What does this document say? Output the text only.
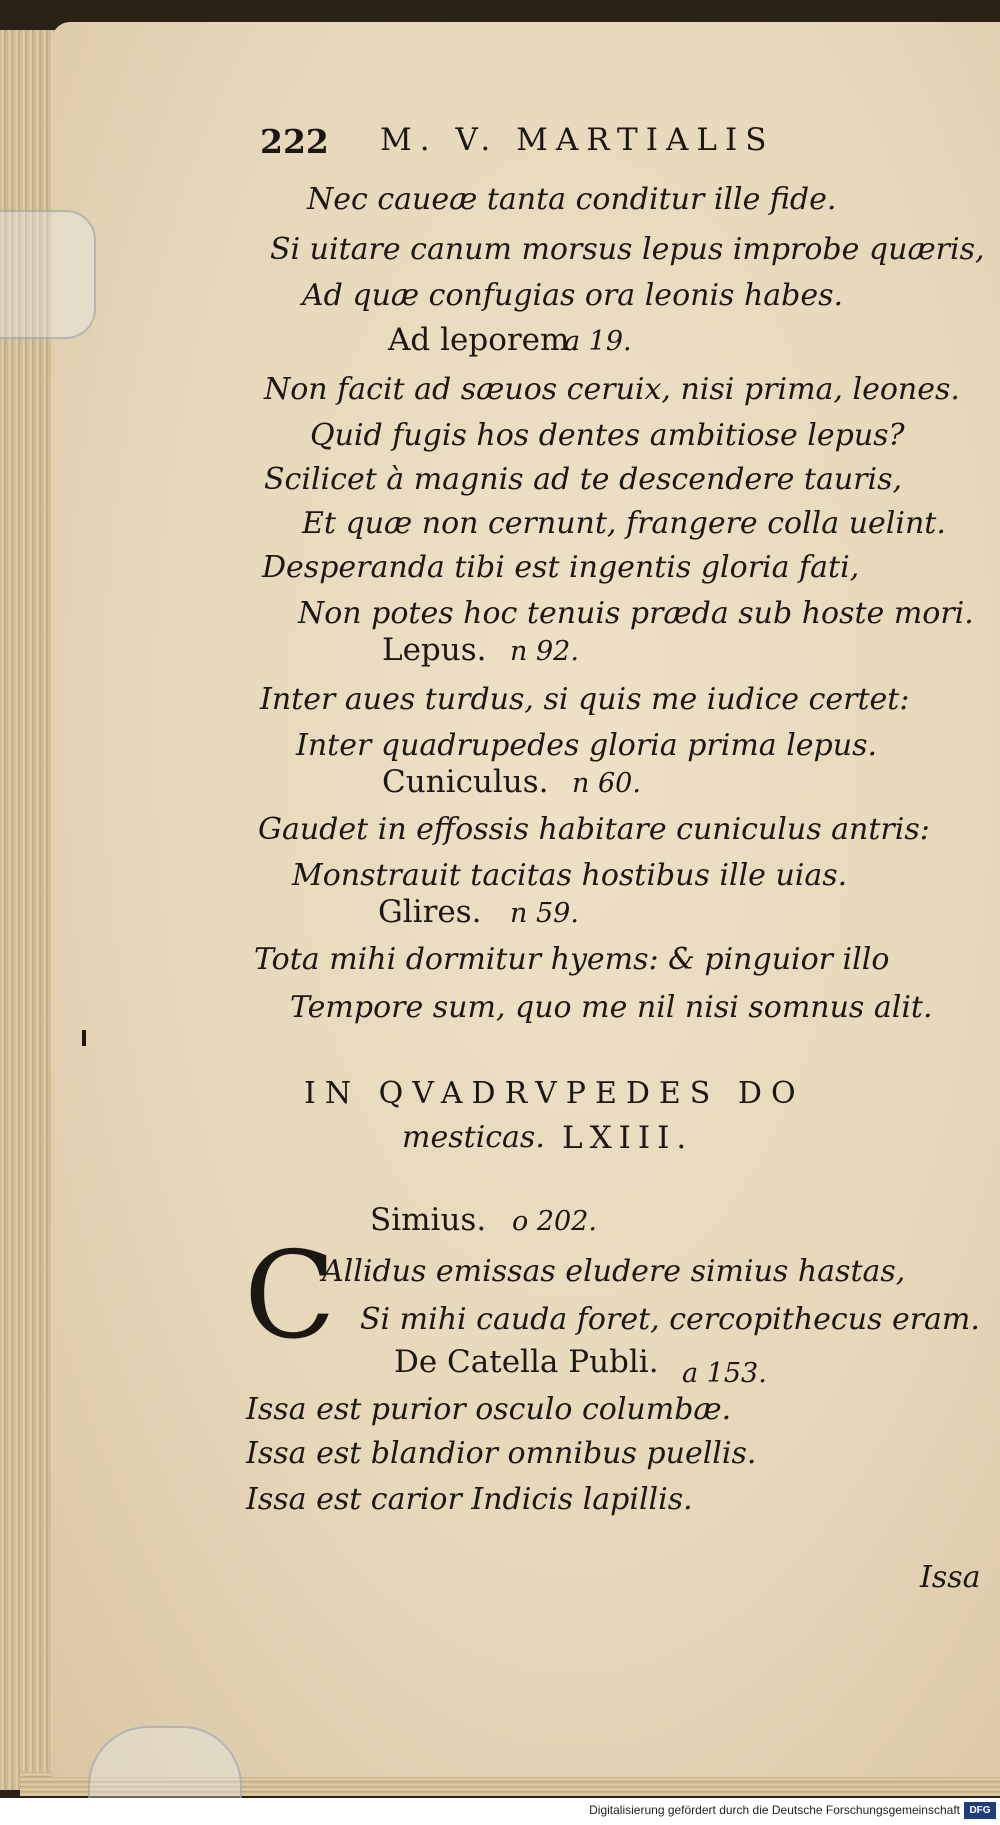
222 M. V. MARTIALIS
Nec caueæ tanta conditur ille fide.
Si uitare canum morsus lepus improbe quæris,
Ad quæ confugias ora leonis habes.
Ad leporem.
a 19.
Non facit ad sæuos ceruix, nisi prima, leones.
Quid fugis hos dentes ambitiose lepus?
Scilicet à magnis ad te descendere tauris,
Et quæ non cernunt, frangere colla uelint.
Desperanda tibi est ingentis gloria fati,
Non potes hoc tenuis præda sub hoste mori.
Lepus. n 92.
Inter aues turdus, si quis me iudice certet:
Inter quadrupedes gloria prima lepus.
Cuniculus. n 60.
Gaudet in effossis habitare cuniculus antris:
Monstrauit tacitas hostibus ille uias.
Glires. n 59.
Tota mihi dormitur hyems: & pinguior illo
Tempore sum, quo me nil nisi somnus alit.
IN QVADRVPEDES DO
mesticas. LXIII.
Simius. o 202.
C
Allidus emissas eludere simius hastas,
Si mihi cauda foret, cercopithecus eram.
De Catella Publi. a 153.
Issa est purior osculo columbæ.
Issa est blandior omnibus puellis.
Issa est carior Indicis lapillis.
Issa
Digitalisierung gefördert durch die Deutsche Forschungsgemeinschaft DFG
